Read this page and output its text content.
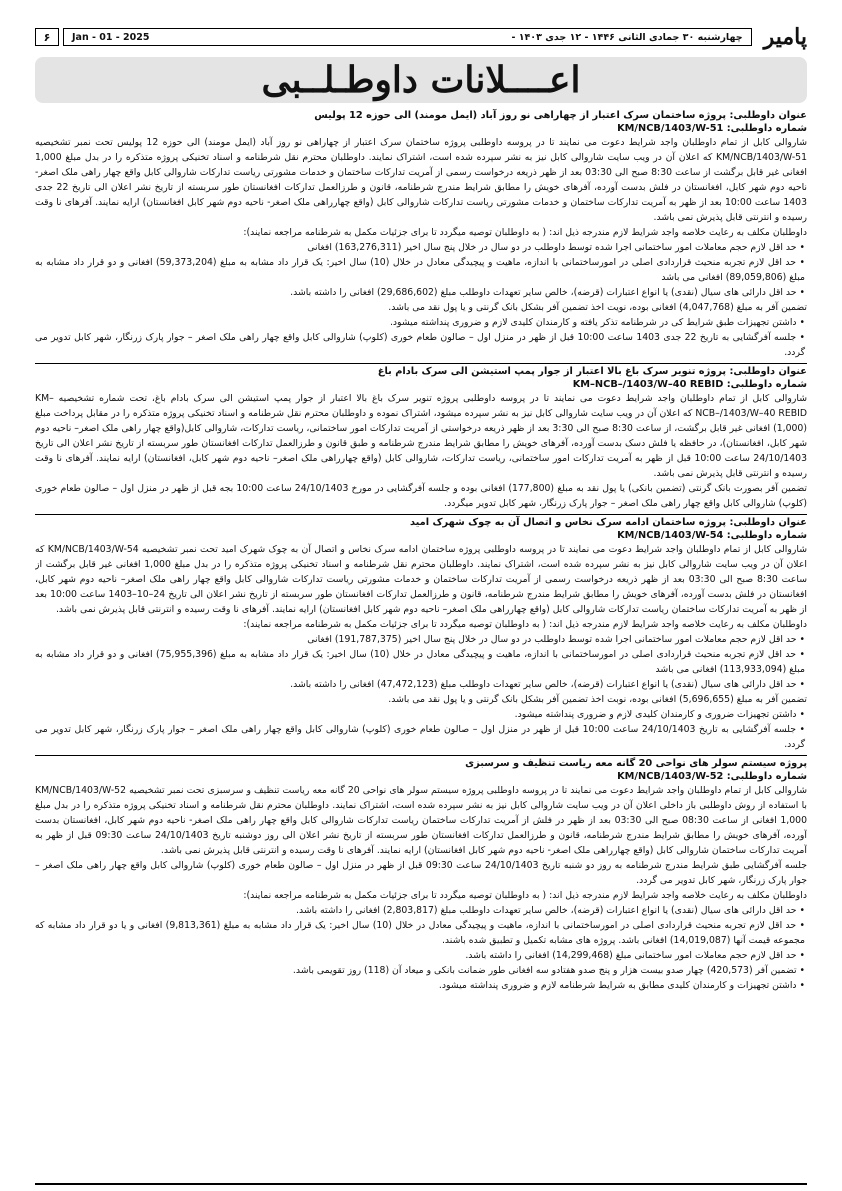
پامیر
چهارشنبه ۳۰ جمادی الثانی ۱۴۴۶ - ۱۲ جدی ۱۴۰۳ -
Jan - 01 - 2025
۶
اعــــلانات داوطـلــبی
عنوان داوطلبی: پروژه ساختمان سرک اعتبار از چهاراهی نو روز آباد (ایمل مومند) الی حوزه 12 پولیس
شماره داوطلبی: KM/NCB/1403/W-51

شاروالی کابل از تمام داوطلبان واجد شرایط دعوت می نمایند تا در پروسه داوطلبی پروژه ساختمان سرک اعتبار از چهاراهی نو روز آباد (ایمل مومند) الی حوزه 12 پولیس تحت نمبر تشخیصیه KM/NCB/1403/W-51 که اعلان آن در ویب سایت شاروالی کابل نیز به نشر سپرده شده است، اشتراک نمایند. داوطلبان محترم نقل شرطنامه و اسناد تخنیکی پروژه متذکره را در بدل مبلغ 1,000 افغانی غیر قابل برگشت از ساعت 8:30 صبح الی 03:30 بعد از ظهر ذریعه درخواست رسمی از آمریت تدارکات ساختمان و خدمات مشورتی ریاست تدارکات شاروالی کابل واقع چهار راهی ملک اصغر- ناحیه دوم شهر کابل، افغانستان در فلش بدست آورده، آفرهای خویش را مطابق شرایط مندرج شرطنامه، قانون و طرزالعمل تدارکات افغانستان طور سربسته از تاریخ نشر اعلان الی تاریخ 22 جدی 1403 ساعت 10:00 بعد از ظهر به آمریت تدارکات ساختمان و خدمات مشورتی ریاست تدارکات شاروالی کابل (واقع چهارراهی ملک اصغر- ناحیه دوم شهر کابل افغانستان) ارایه نمایند. آفرهای نا وقت رسیده و انترنتی قابل پذیرش نمی باشد.

داوطلبان مکلف به رعایت خلاصه واجد شرایط لازم مندرجه ذیل اند: ( به داوطلبان توصیه میگردد تا برای جزئیات مکمل به شرطنامه مراجعه نمایند):

• حد اقل لازم حجم معاملات امور ساختمانی اجرا شده توسط داوطلب در دو سال در خلال پنج سال اخیر (163,276,311) افغانی

• حد اقل لازم تجربه منحیث قراردادی اصلی در امورساختمانی با اندازه، ماهیت و پیچیدگی معادل در خلال (10) سال اخیر: یک قرار داد مشابه به مبلغ (59,373,204) افغانی و دو قرار داد مشابه به مبلغ (89,059,806) افغانی می باشد

• حد اقل دارائی های سیال (نقدی) یا انواع اعتبارات (قرضه)، خالص سایر تعهدات داوطلب مبلغ (29,686,602) افغانی را داشته باشد.

تضمین آفر به مبلغ (4,047,768) افغانی بوده، نویت اخذ تضمین آفر بشکل بانک گرنتی و یا پول نقد می باشد.

• داشتن تجهیزات طبق شرایط کی در شرطنامه تذکر یافته و کارمندان کلیدی لازم و ضروری پنداشته میشود.

• جلسه آفرگشایی به تاریخ 22 جدی 1403 ساعت 10:00 قبل از ظهر در منزل اول – صالون طعام خوری (کلوپ) شاروالی کابل واقع چهار راهی ملک اصغر – جوار پارک زرنگار، شهر کابل تدویر می گردد.

عنوان داوطلبی: پروژه تنویر سرک باغ بالا اعتبار از جوار پمپ استیشن الی سرک بادام باغ
شماره داوطلبی: KM–NCB–/1403/W–40 REBID

شاروالی کابل از تمام داوطلبان واجد شرایط دعوت می نمایند تا در پروسه داوطلبی پروژه تنویر سرک باغ بالا اعتبار از جوار پمپ استیشن الی سرک بادام باغ، تحت شماره تشخیصیه KM–NCB–/1403/W–40 REBID که اعلان آن در ویب سایت شاروالی کابل نیز به نشر سپرده میشود، اشتراک نموده و داوطلبان محترم نقل شرطنامه و اسناد تخنیکی پروژه متذکره را در مقابل پرداخت مبلغ (1,000) افغانی غیر قابل برگشت، از ساعت 8:30 صبح الی 3:30 بعد از ظهر ذریعه درخواستی از آمریت تدارکات امور ساختمانی، ریاست تدارکات، شاروالی کابل(واقع چهار راهی ملک اصغر– ناحیه دوم شهر کابل، افغانستان)، در حافظه یا فلش دسک بدست آورده، آفرهای خویش را مطابق شرایط مندرج شرطنامه و طبق قانون و طرزالعمل تدارکات افغانستان طور سربسته از تاریخ نشر اعلان الی تاریخ 24/10/1403 ساعت 10:00 قبل از ظهر به آمریت تدارکات امور ساختمانی، ریاست تدارکات، شاروالی کابل (واقع چهارراهی ملک اصغر– ناحیه دوم شهر کابل، افغانستان) ارایه نمایند. آفرهای نا وقت رسیده و انترنتی قابل پذیرش نمی باشد.

تضمین آفر بصورت بانک گرنتی (تضمین بانکی) یا پول نقد به مبلغ (177,800) افغانی بوده و جلسه آفرگشایی در مورخ 24/10/1403 ساعت 10:00 بجه قبل از ظهر در منزل اول – صالون طعام خوری (کلوپ) شاروالی کابل واقع چهار راهی ملک اصغر – جوار پارک زرنگار، شهر کابل تدویر میگردد.

عنوان داوطلبی: پروژه ساختمان ادامه سرک نخاس و اتصال آن به چوک شهرک امید
شماره داوطلبی: KM/NCB/1403/W-54

شاروالی کابل از تمام داوطلبان واجد شرایط دعوت می نمایند تا در پروسه داوطلبی پروژه ساختمان ادامه سرک نخاس و اتصال آن به چوک شهرک امید تحت نمبر تشخیصیه KM/NCB/1403/W-54 که اعلان آن در ویب سایت شاروالی کابل نیز به نشر سپرده شده است، اشتراک نمایند. داوطلبان محترم نقل شرطنامه و اسناد تخنیکی پروژه متذکره را در بدل مبلغ 1,000 افغانی غیر قابل برگشت از ساعت 8:30 صبح الی 03:30 بعد از ظهر ذریعه درخواست رسمی از آمریت تدارکات ساختمان و خدمات مشورتی ریاست تدارکات شاروالی کابل واقع چهار راهی ملک اصغر– ناحیه دوم شهر کابل، افغانستان در فلش بدست آورده، آفرهای خویش را مطابق شرایط مندرج شرطنامه، قانون و طرزالعمل تدارکات افغانستان طور سربسته از تاریخ نشر اعلان الی تاریخ 24–10–1403 ساعت 10:00 بعد از ظهر به آمریت تدارکات ساختمان ریاست تدارکات شاروالی کابل (واقع چهارراهی ملک اصغر– ناحیه دوم شهر کابل افغانستان) ارایه نمایند. آفرهای نا وقت رسیده و انترنتی قابل پذیرش نمی باشد.

داوطلبان مکلف به رعایت خلاصه واجد شرایط لازم مندرجه ذیل اند: ( به داوطلبان توصیه میگردد تا برای جزئیات مکمل به شرطنامه مراجعه نمایند):

• حد اقل لازم حجم معاملات امور ساختمانی اجرا شده توسط داوطلب در دو سال در خلال پنج سال اخیر (191,787,375) افغانی

• حد اقل لازم تجربه منحیث قراردادی اصلی در امورساختمانی با اندازه، ماهیت و پیچیدگی معادل در خلال (10) سال اخیر: یک قرار داد مشابه به مبلغ (75,955,396) افغانی و دو قرار داد مشابه به مبلغ (113,933,094) افغانی می باشد

• حد اقل دارائی های سیال (نقدی) یا انواع اعتبارات (قرضه)، خالص سایر تعهدات داوطلب مبلغ (47,472,123) افغانی را داشته باشد.

تضمین آفر به مبلغ (5,696,655) افغانی بوده، نوبت اخذ تضمین آفر بشکل بانک گرنتی و یا پول نقد می باشد.

• داشتن تجهیزات ضروری و کارمندان کلیدی لازم و ضروری پنداشته میشود.

• جلسه آفرگشایی به تاریخ 24/10/1403 ساعت 10:00 قبل از ظهر در منزل اول – صالون طعام خوری (کلوپ) شاروالی کابل واقع چهار راهی ملک اصغر – جوار پارک زرنگار، شهر کابل تدویر می گردد.

پروژه سیستم سولر های نواحی 20 گانه معه ریاست تنظیف و سرسبزی
شماره داوطلبی: KM/NCB/1403/W-52

شاروالی کابل از تمام داوطلبان واجد شرایط دعوت می نمایند تا در پروسه داوطلبی پروژه سیستم سولر های نواحی 20 گانه معه ریاست تنظیف و سرسبزی تحت نمبر تشخیصیه KM/NCB/1403/W-52 با استفاده از روش داوطلبی باز داخلی اعلان آن در ویب سایت شاروالی کابل نیز به نشر سپرده شده است، اشتراک نمایند. داوطلبان محترم نقل شرطنامه و اسناد تخنیکی پروژه متذکره را در بدل مبلغ 1,000 افغانی از ساعت 08:30 صبح الی 03:30 بعد از ظهر در فلش از آمریت تدارکات ساختمان ریاست تدارکات شاروالی کابل واقع چهار راهی ملک اصغر- ناحیه دوم شهر کابل، افغانستان بدست آورده، آفرهای خویش را مطابق شرایط مندرج شرطنامه، قانون و طرزالعمل تدارکات افغانستان طور سربسته از تاریخ نشر اعلان الی روز دوشنبه تاریخ 24/10/1403 ساعت 09:30 قبل از ظهر به آمریت تدارکات ساختمان شاروالی کابل (واقع چهارراهی ملک اصغر- ناحیه دوم شهر کابل افغانستان) ارایه نمایند. آفرهای نا وقت رسیده و انترنتی قابل پذیرش نمی باشد.

جلسه آفرگشایی طبق شرایط مندرج شرطنامه به روز دو شنبه تاریخ 24/10/1403 ساعت 09:30 قبل از ظهر در منزل اول – صالون طعام خوری (کلوپ) شاروالی کابل واقع چهار راهی ملک اصغر – جوار پارک زرنگار، شهر کابل تدویر می گردد.

داوطلبان مکلف به رعایت خلاصه واجد شرایط لازم مندرجه ذیل اند: ( به داوطلبان توصیه میگردد تا برای جزئیات مکمل به شرطنامه مراجعه نمایند):

• حد اقل دارائی های سیال (نقدی) یا انواع اعتبارات (قرضه)، خالص سایر تعهدات داوطلب مبلغ (2,803,817) افغانی را داشته باشد.

• حد اقل لازم تجربه منحیث قراردادی اصلی در امورساختمانی با اندازه، ماهیت و پیچیدگی معادل در خلال (10) سال اخیر: یک قرار داد مشابه به مبلغ (9,813,361) افغانی و یا دو قرار داد مشابه که مجموعه قیمت آنها (14,019,087) افغانی باشد. پروژه های مشابه تکمیل و تطبیق شده باشند.

• حد اقل لازم حجم معاملات امور ساختمانی مبلغ (14,299,468) افغانی را داشته باشد.

• تضمین آفر (420,573) چهار صدو بیست هزار و پنج صدو هفتادو سه افغانی طور ضمانت بانکی و میعاد آن (118) روز تقویمی باشد.

• داشتن تجهیزات و کارمندان کلیدی مطابق به شرایط شرطنامه لازم و ضروری پنداشته میشود.
